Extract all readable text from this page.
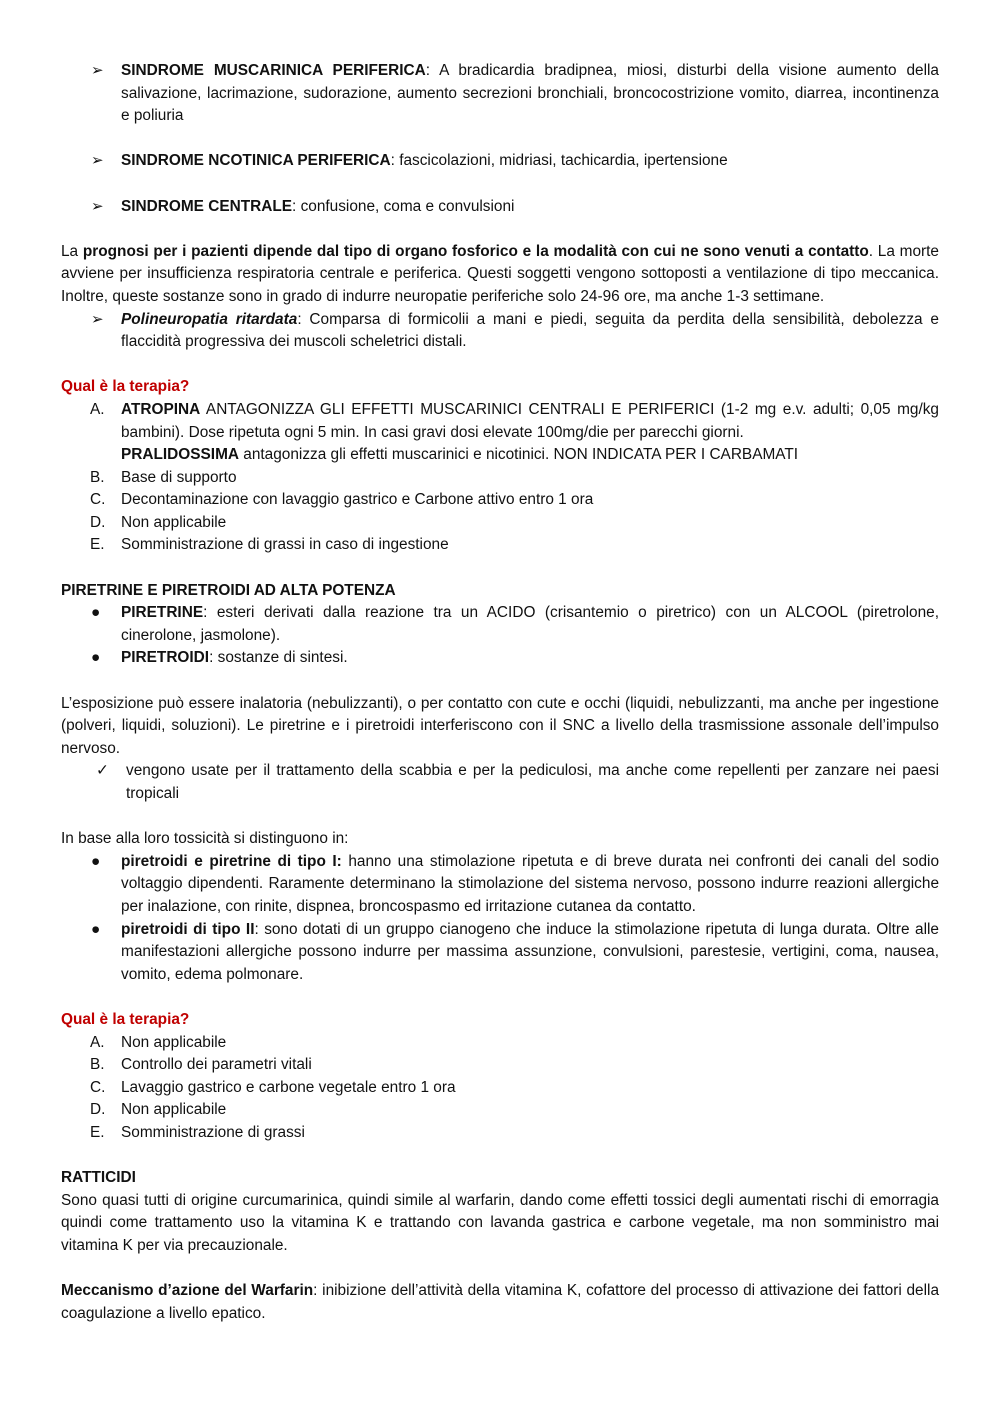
➢	SINDROME MUSCARINICA PERIFERICA: A bradicardia bradipnea, miosi, disturbi della visione aumento della salivazione, lacrimazione, sudorazione, aumento secrezioni bronchiali, broncocostrizione vomito, diarrea, incontinenza e poliuria
➢	SINDROME NCOTINICA PERIFERICA: fascicolazioni, midriasi, tachicardia, ipertensione
➢	SINDROME CENTRALE: confusione, coma e convulsioni

La prognosi per i pazienti dipende dal tipo di organo fosforico e la modalità con cui ne sono venuti a contatto. La morte avviene per insufficienza respiratoria centrale e periferica. Questi soggetti vengono sottoposti a ventilazione di tipo meccanica. Inoltre, queste sostanze sono in grado di indurre neuropatie periferiche solo 24-96 ore, ma anche 1-3 settimane.

➢	Polineuropatia ritardata: Comparsa di formicolii a mani e piedi, seguita da perdita della sensibilità, debolezza e flaccidità progressiva dei muscoli scheletrici distali.

Qual è la terapia?

A.	ATROPINA ANTAGONIZZA GLI EFFETTI MUSCARINICI CENTRALI E PERIFERICI (1-2 mg e.v. adulti; 0,05 mg/kg bambini). Dose ripetuta ogni 5 min. In casi gravi dosi elevate 100mg/die per parecchi giorni.
PRALIDOSSIMA antagonizza gli effetti muscarinici e nicotinici. NON INDICATA PER I CARBAMATI
B.	Base di supporto
C.	Decontaminazione con lavaggio gastrico e Carbone attivo entro 1 ora
D.	Non applicabile
E.	Somministrazione di grassi in caso di ingestione

PIRETRINE E PIRETROIDI AD ALTA POTENZA

●	PIRETRINE: esteri derivati dalla reazione tra un ACIDO (crisantemio o piretrico) con un ALCOOL (piretrolone, cinerolone, jasmolone).
●	PIRETROIDI: sostanze di sintesi.

L’esposizione può essere inalatoria (nebulizzanti), o per contatto con cute e occhi (liquidi, nebulizzanti, ma anche per ingestione (polveri, liquidi, soluzioni). Le piretrine e i piretroidi interferiscono con il SNC a livello della trasmissione assonale dell’impulso nervoso.

✓	vengono usate per il trattamento della scabbia e per la pediculosi, ma anche come repellenti per zanzare nei paesi tropicali

In base alla loro tossicità si distinguono in:

●	piretroidi e piretrine di tipo I: hanno una stimolazione ripetuta e di breve durata nei confronti dei canali del sodio voltaggio dipendenti. Raramente determinano la stimolazione del sistema nervoso, possono indurre reazioni allergiche per inalazione, con rinite, dispnea, broncospasmo ed irritazione cutanea da contatto.
●	piretroidi di tipo II: sono dotati di un gruppo cianogeno che induce la stimolazione ripetuta di lunga durata. Oltre alle manifestazioni allergiche possono indurre per massima assunzione, convulsioni, parestesie, vertigini, coma, nausea, vomito, edema polmonare.

Qual è la terapia?

A.	Non applicabile
B.	Controllo dei parametri vitali
C.	Lavaggio gastrico e carbone vegetale entro 1 ora
D.	Non applicabile
E.	Somministrazione di grassi

RATTICIDI

Sono quasi tutti di origine curcumarinica, quindi simile al warfarin, dando come effetti tossici degli aumentati rischi di emorragia quindi come trattamento uso la vitamina K e trattando con lavanda gastrica e carbone vegetale, ma non somministro mai vitamina K per via precauzionale.

Meccanismo d’azione del Warfarin: inibizione dell’attività della vitamina K, cofattore del processo di attivazione dei fattori della coagulazione a livello epatico.
